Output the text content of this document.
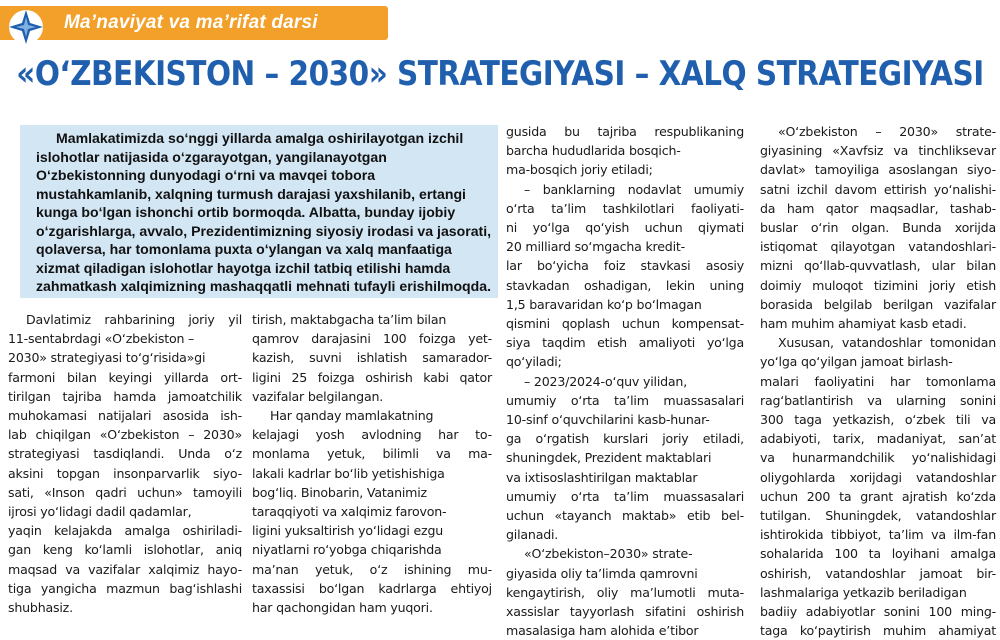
Ma’naviyat va ma’rifat darsi
«O‘ZBEKISTON – 2030» STRATEGIYASI – XALQ STRATEGIYASI

Mamlakatimizda so‘nggi yillarda amalga oshirilayotgan izchil islohotlar natijasida o‘zgarayotgan, yangilanayotgan O‘zbekistonning dunyodagi o‘rni va mavqei tobora mustahkamlanib, xalqning turmush darajasi yaxshilanib, ertangi kunga bo‘lgan ishonchi ortib bormoqda. Albatta, bunday ijobiy o‘zgarishlarga, avvalo, Prezidentimizning siyosiy irodasi va jasorati, qolaversa, har tomonlama puxta o‘ylangan va xalq manfaatiga xizmat qiladigan islohotlar hayotga izchil tatbiq etilishi hamda zahmatkash xalqimizning mashaqqatli mehnati tufayli erishilmoqda.

Davlatimiz rahbarining joriy yil
11-sentabrdagi «O‘zbekiston –
2030» strategiyasi to‘g‘risida»gi
farmoni bilan keyingi yillarda ort-
tirilgan tajriba hamda jamoatchilik
muhokamasi natijalari asosida ish-
lab chiqilgan «O‘zbekiston – 2030»
strategiyasi tasdiqlandi. Unda o‘z
aksini topgan insonparvarlik siyo-
sati, «Inson qadri uchun» tamoyili
ijrosi yo‘lidagi dadil qadamlar,
yaqin kelajakda amalga oshiriladi-
gan keng ko‘lamli islohotlar, aniq
maqsad va vazifalar xalqimiz hayo-
tiga yangicha mazmun bag‘ishlashi
shubhasiz.
tirish, maktabgacha ta’lim bilan
qamrov darajasini 100 foizga yet-
kazish, suvni ishlatish samarador-
ligini 25 foizga oshirish kabi qator
vazifalar belgilangan.
Har qanday mamlakatning
kelajagi yosh avlodning har to-
monlama yetuk, bilimli va ma-
lakali kadrlar bo‘lib yetishishiga
bog‘liq. Binobarin, Vatanimiz
taraqqiyoti va xalqimiz farovon-
ligini yuksaltirish yo‘lidagi ezgu
niyatlarni ro‘yobga chiqarishda
ma’nan yetuk, o‘z ishining mu-
taxassisi bo‘lgan kadrlarga ehtiyoj
har qachongidan ham yuqori.
gusida bu tajriba respublikaning
barcha hududlarida bosqich-
ma-bosqich joriy etiladi;
– banklarning nodavlat umumiy
o‘rta ta’lim tashkilotlari faoliyati-
ni yo‘lga qo‘yish uchun qiymati
20 milliard so‘mgacha kredit-
lar bo‘yicha foiz stavkasi asosiy
stavkadan oshadigan, lekin uning
1,5 baravaridan ko‘p bo‘lmagan
qismini qoplash uchun kompensat-
siya taqdim etish amaliyoti yo‘lga
qo‘yiladi;
– 2023/2024-o‘quv yilidan,
umumiy o‘rta ta’lim muassasalari
10-sinf o‘quvchilarini kasb-hunar-
ga o‘rgatish kurslari joriy etiladi,
shuningdek, Prezident maktablari
va ixtisoslashtirilgan maktablar
umumiy o‘rta ta’lim muassasalari
uchun «tayanch maktab» etib bel-
gilanadi.
«O‘zbekiston–2030» strate-
giyasida oliy ta’limda qamrovni
kengaytirish, oliy ma’lumotli muta-
xassislar tayyorlash sifatini oshirish
masalasiga ham alohida e’tibor
«O‘zbekiston – 2030» strate-
giyasining «Xavfsiz va tinchliksevar
davlat» tamoyiliga asoslangan siyo-
satni izchil davom ettirish yo‘nalishi-
da ham qator maqsadlar, tashab-
buslar o‘rin olgan. Bunda xorijda
istiqomat qilayotgan vatandoshlari-
mizni qo‘llab-quvvatlash, ular bilan
doimiy muloqot tizimini joriy etish
borasida belgilab berilgan vazifalar
ham muhim ahamiyat kasb etadi.
Xususan, vatandoshlar tomonidan
yo‘lga qo‘yilgan jamoat birlash-
malari faoliyatini har tomonlama
rag‘batlantirish va ularning sonini
300 taga yetkazish, o‘zbek tili va
adabiyoti, tarix, madaniyat, san’at
va hunarmandchilik yo‘nalishidagi
oliygohlarda xorijdagi vatandoshlar
uchun 200 ta grant ajratish ko‘zda
tutilgan. Shuningdek, vatandoshlar
ishtirokida tibbiyot, ta’lim va ilm-fan
sohalarida 100 ta loyihani amalga
oshirish, vatandoshlar jamoat bir-
lashmalariga yetkazib beriladigan
badiiy adabiyotlar sonini 100 ming-
taga ko‘paytirish muhim ahamiyat
